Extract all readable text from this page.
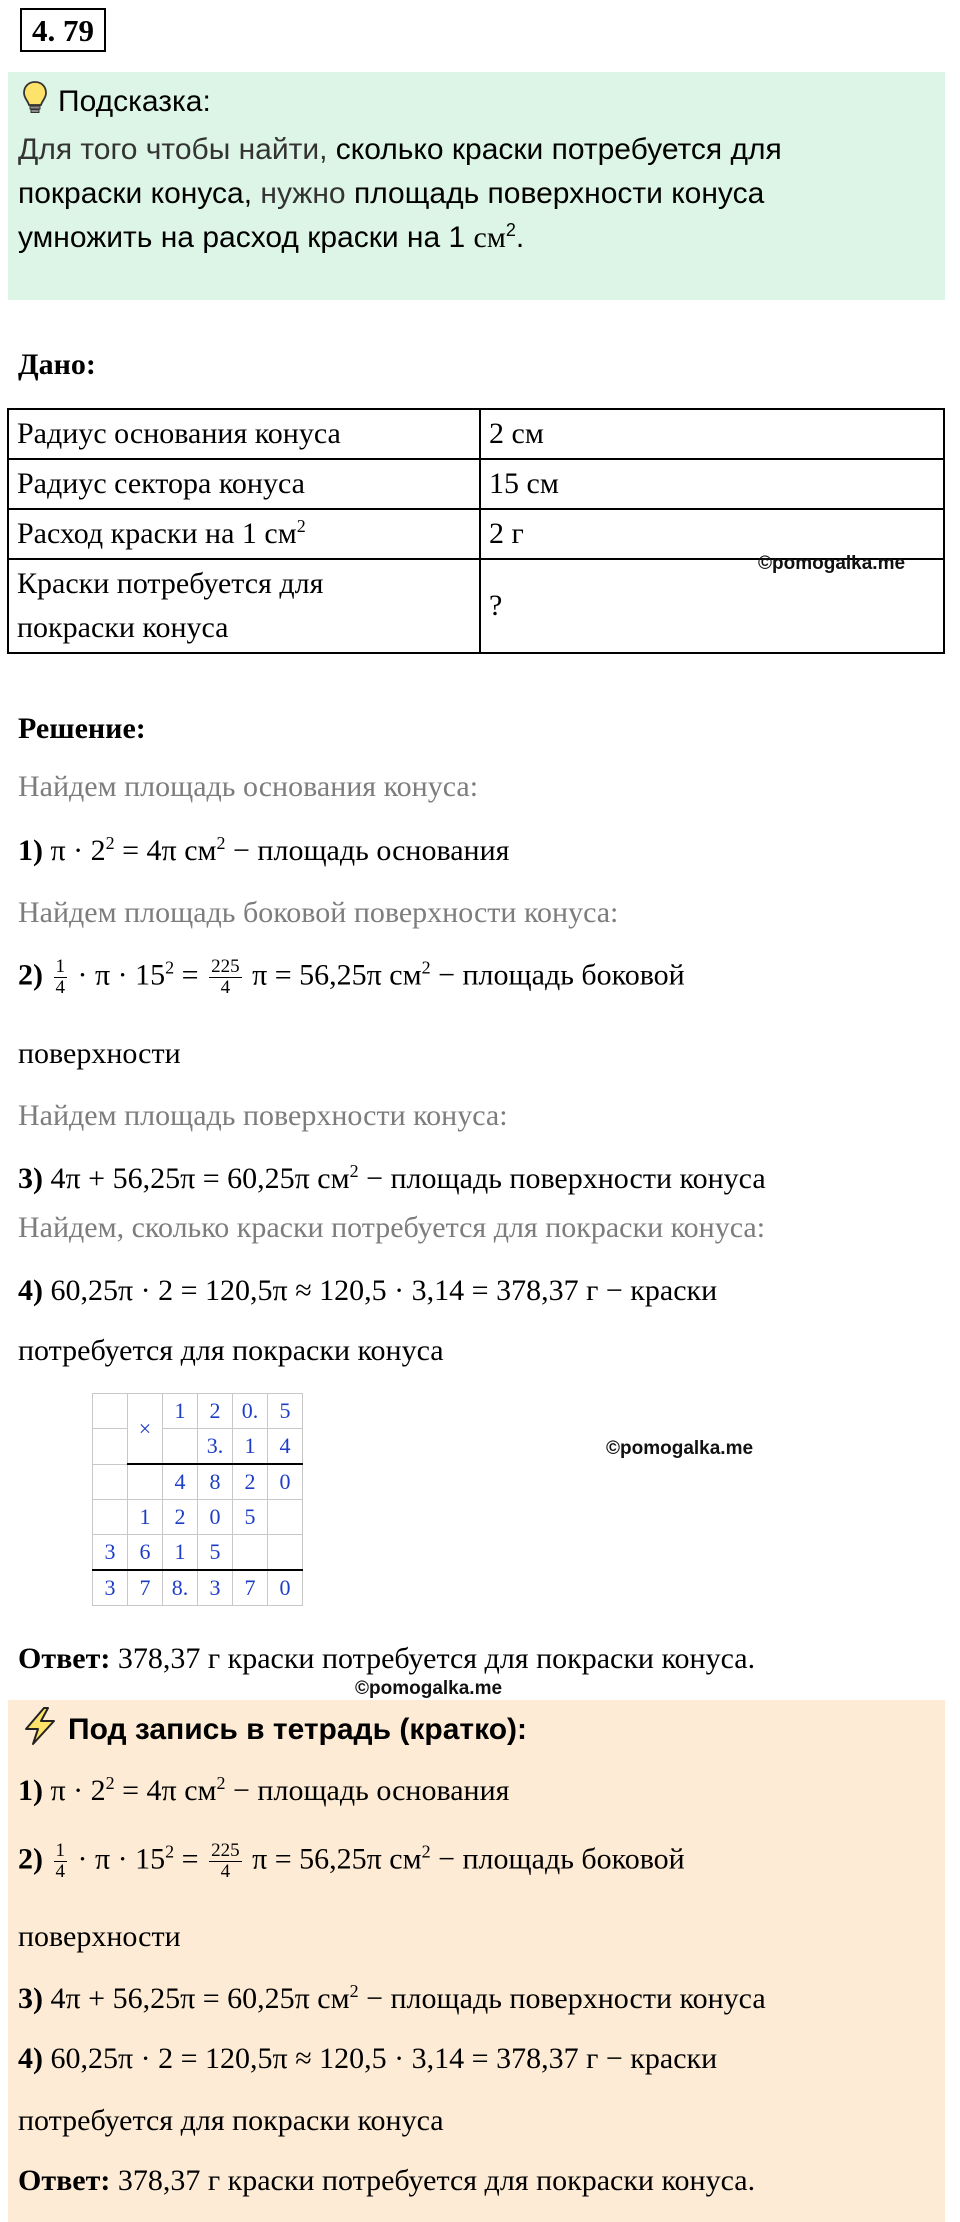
4. 79
Подсказка:
Для того чтобы найти, сколько краски потребуется для
покраски конуса, нужно площадь поверхности конуса
умножить на расход краски на 1 $см^2$.
Дано:
Радиус основания конуса	2 см
Радиус сектора конуса	15 см
Расход краски на 1 $см^2$	2 г

Краски потребуется для
покраски конуса	?
©pomogalka.me
Решение:
Найдем площадь основания конуса:
1) $\pi \cdot 2^2 = 4\pi$ $см^2$ − площадь основания
Найдем площадь боковой поверхности конуса:
$2) \frac{1}{4} \cdot \pi \cdot 15^2 = \frac{225}{4}$ π = 56,25π $см^2$ − площадь боковой
поверхности
Найдем площадь поверхности конуса:
3) 4π + 56,25π = 60,25π $см^2$ − площадь поверхности конуса
Найдем, сколько краски потребуется для покраски конуса:
4) 60,25π · 2 = 120,5π ≈ 120,5 · 3,14 = 378,37 г − краски
потребуется для покраски конуса
	×	1	2	0.	5
			3.	1	4
		4	8	2	0
	1	2	0	5	
3	6	1	5		
3	7	8.	3	7	0
©pomogalka.me
Ответ: 378,37 г краски потребуется для покраски конуса.
©pomogalka.me
Под запись в тетрадь (кратко):
1) $\pi \cdot 2^2 = 4\pi$ $см^2$ − площадь основания
$2) \frac{1}{4} \cdot \pi \cdot 15^2 = \frac{225}{4}$ π = 56,25π $см^2$ − площадь боковой
поверхности
3) 4π + 56,25π = 60,25π $см^2$ − площадь поверхности конуса
4) 60,25π · 2 = 120,5π ≈ 120,5 · 3,14 = 378,37 г − краски
потребуется для покраски конуса
Ответ: 378,37 г краски потребуется для покраски конуса.
